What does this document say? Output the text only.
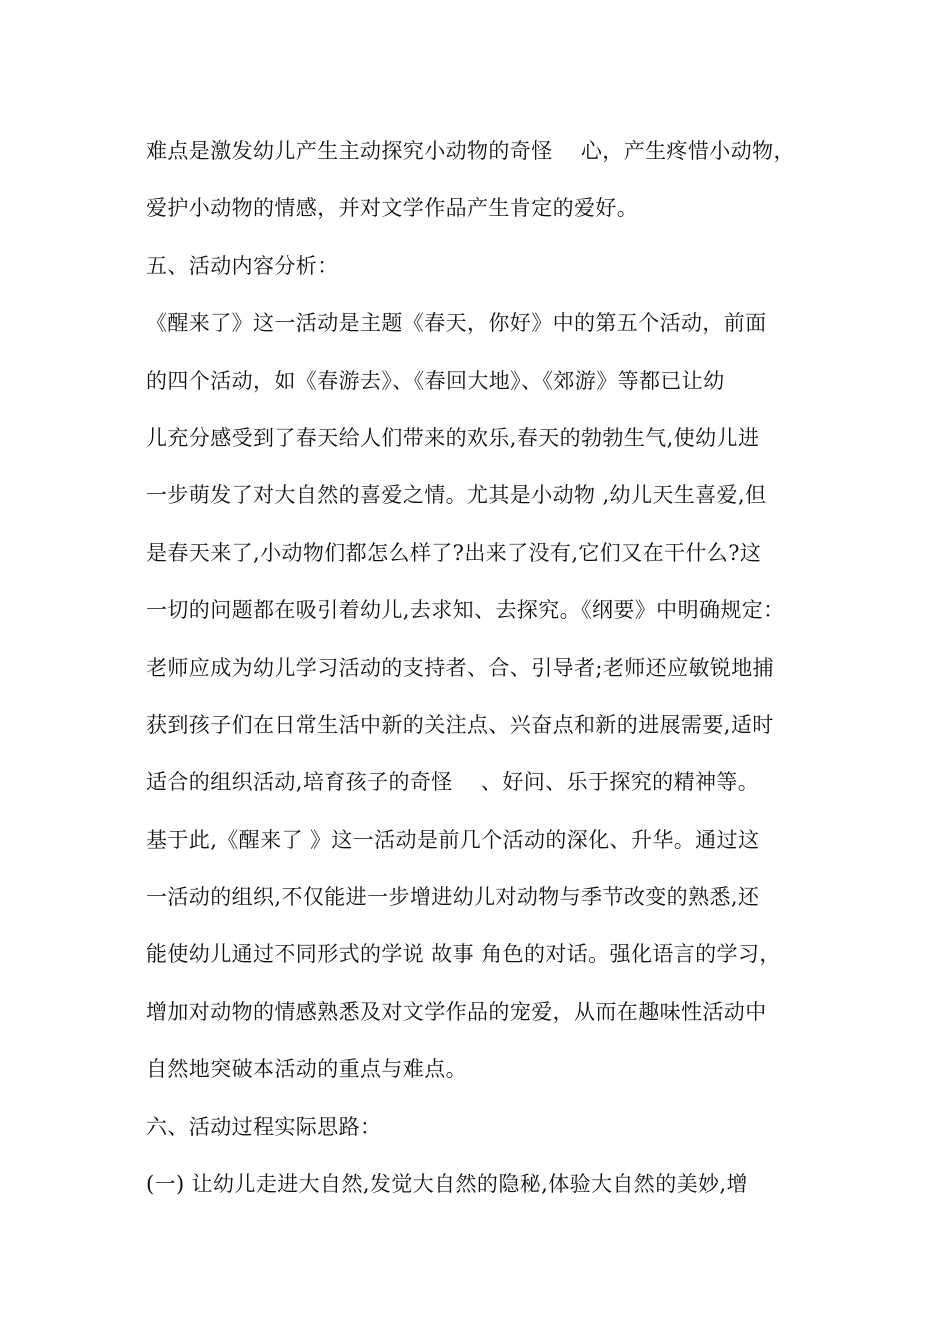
难点是激发幼儿产生主动探究小动物的奇怪    心，产生疼惜小动物，
爱护小动物的情感，并对文学作品产生肯定的爱好。
五、活动内容分析：
《醒来了》这一活动是主题《春天，你好》中的第五个活动，前面
的四个活动，如《春游去》、《春回大地》、《郊游》等都已让幼
儿充分感受到了春天给人们带来的欢乐,春天的勃勃生气,使幼儿进
一步萌发了对大自然的喜爱之情。尤其是小动物 ,幼儿天生喜爱,但
是春天来了,小动物们都怎么样了?出来了没有,它们又在干什么?这
一切的问题都在吸引着幼儿,去求知、去探究。《纲要》中明确规定：
老师应成为幼儿学习活动的支持者、合、引导者;老师还应敏锐地捕
获到孩子们在日常生活中新的关注点、兴奋点和新的进展需要,适时
适合的组织活动,培育孩子的奇怪    、好问、乐于探究的精神等。
基于此,《醒来了 》这一活动是前几个活动的深化、升华。通过这
一活动的组织,不仅能进一步增进幼儿对动物与季节改变的熟悉,还
能使幼儿通过不同形式的学说 故事 角色的对话。强化语言的学习，
增加对动物的情感熟悉及对文学作品的宠爱，从而在趣味性活动中
自然地突破本活动的重点与难点。
六、活动过程实际思路：
(一) 让幼儿走进大自然,发觉大自然的隐秘,体验大自然的美妙,增
